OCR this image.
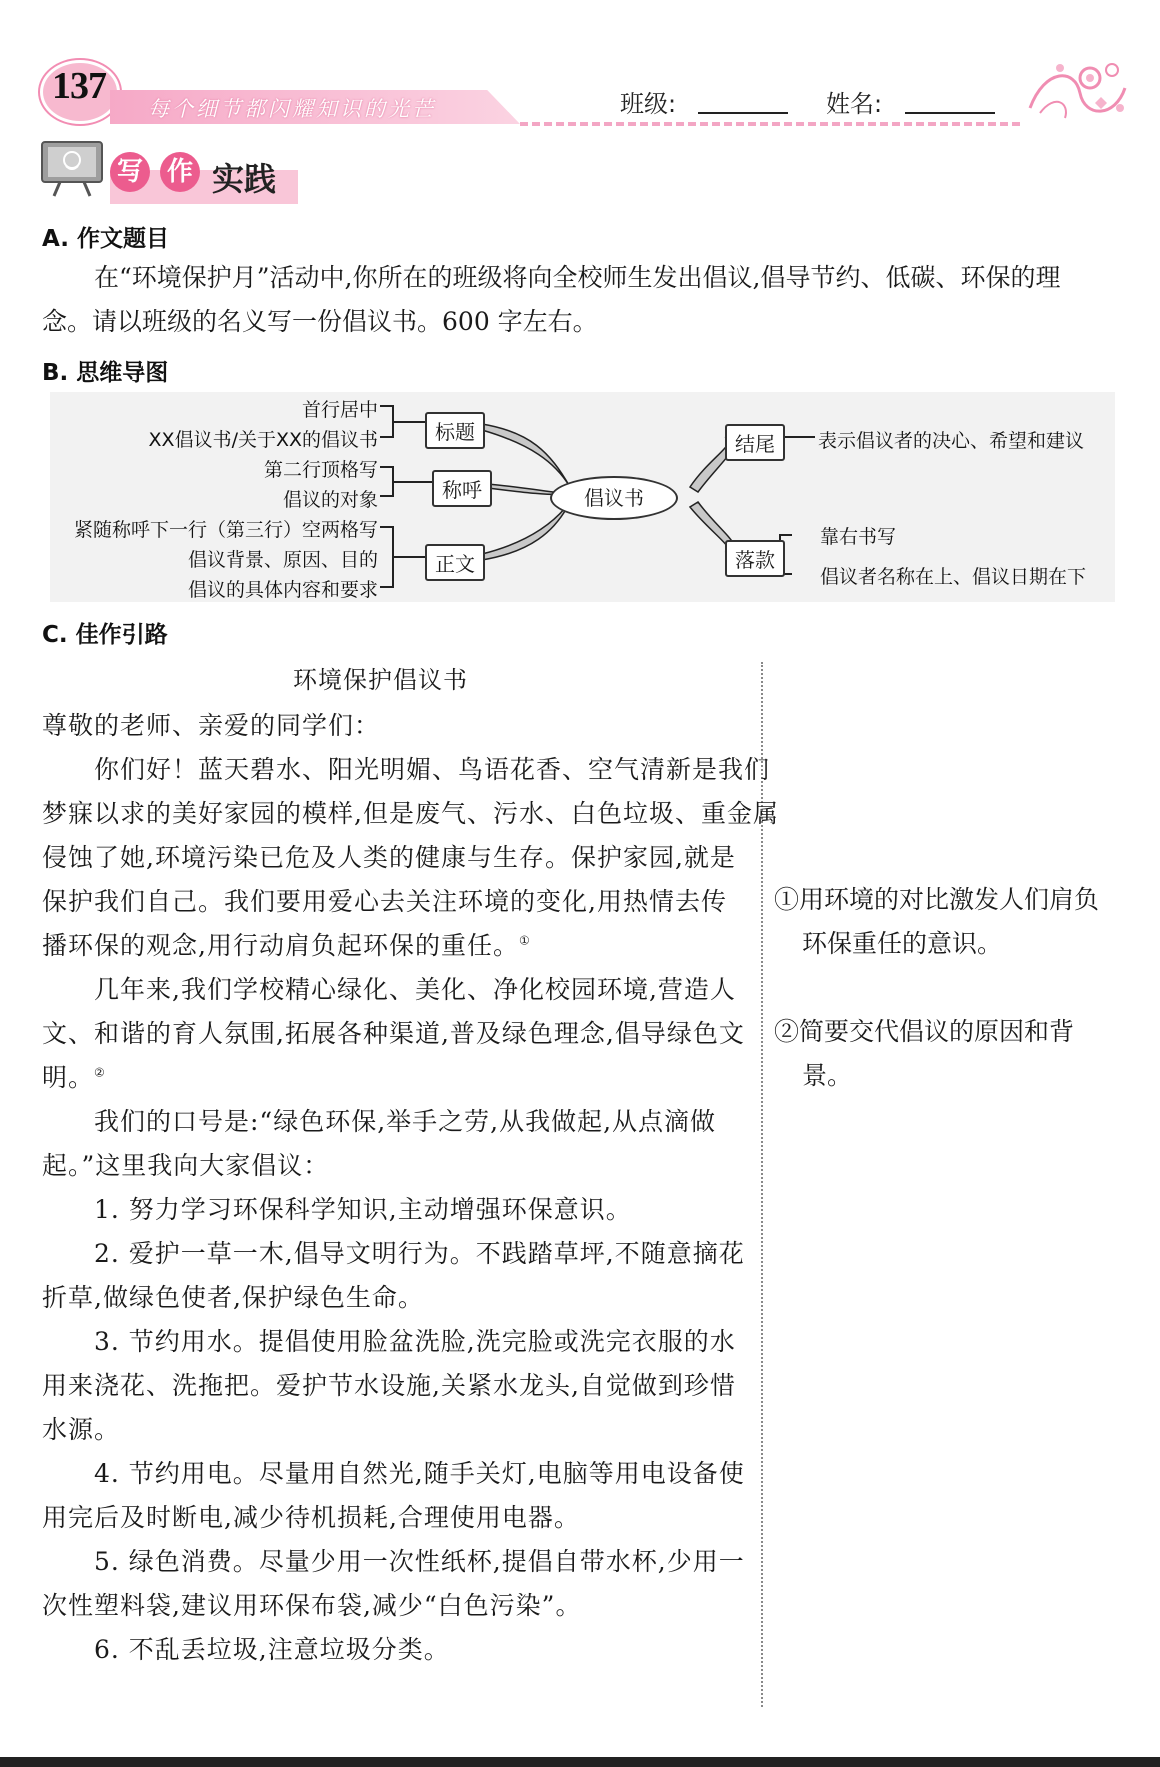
137
每个细节都闪耀知识的光芒	班级:	姓名:
写 作 实践
A. 作文题目
在“环境保护月”活动中,你所在的班级将向全校师生发出倡议,倡导节约、低碳、环保的理
念。请以班级的名义写一份倡议书。600 字左右。
B. 思维导图
首行居中
XX倡议书/关于XX的倡议书	标题
第二行顶格写
倡议的对象	称呼
紧随称呼下一行（第三行）空两格写
倡议背景、原因、目的
倡议的具体内容和要求
正文
倡议书
结尾	表示倡议者的决心、希望和建议
落款
靠右书写
倡议者名称在上、倡议日期在下
C. 佳作引路
环境保护倡议书
尊敬的老师、亲爱的同学们：
你们好！蓝天碧水、阳光明媚、鸟语花香、空气清新是我们
梦寐以求的美好家园的模样,但是废气、污水、白色垃圾、重金属
侵蚀了她,环境污染已危及人类的健康与生存。保护家园,就是
保护我们自己。我们要用爱心去关注环境的变化,用热情去传
播环保的观念,用行动肩负起环保的重任。①
几年来,我们学校精心绿化、美化、净化校园环境,营造人
文、和谐的育人氛围,拓展各种渠道,普及绿色理念,倡导绿色文
明。②
我们的口号是:“绿色环保,举手之劳,从我做起,从点滴做
起。”这里我向大家倡议：
1. 努力学习环保科学知识,主动增强环保意识。
2. 爱护一草一木,倡导文明行为。不践踏草坪,不随意摘花
折草,做绿色使者,保护绿色生命。
3. 节约用水。提倡使用脸盆洗脸,洗完脸或洗完衣服的水
用来浇花、洗拖把。爱护节水设施,关紧水龙头,自觉做到珍惜
水源。
4. 节约用电。尽量用自然光,随手关灯,电脑等用电设备使
用完后及时断电,减少待机损耗,合理使用电器。
5. 绿色消费。尽量少用一次性纸杯,提倡自带水杯,少用一
次性塑料袋,建议用环保布袋,减少“白色污染”。
6. 不乱丢垃圾,注意垃圾分类。
①用环境的对比激发人们肩负
环保重任的意识。
②简要交代倡议的原因和背
景。
